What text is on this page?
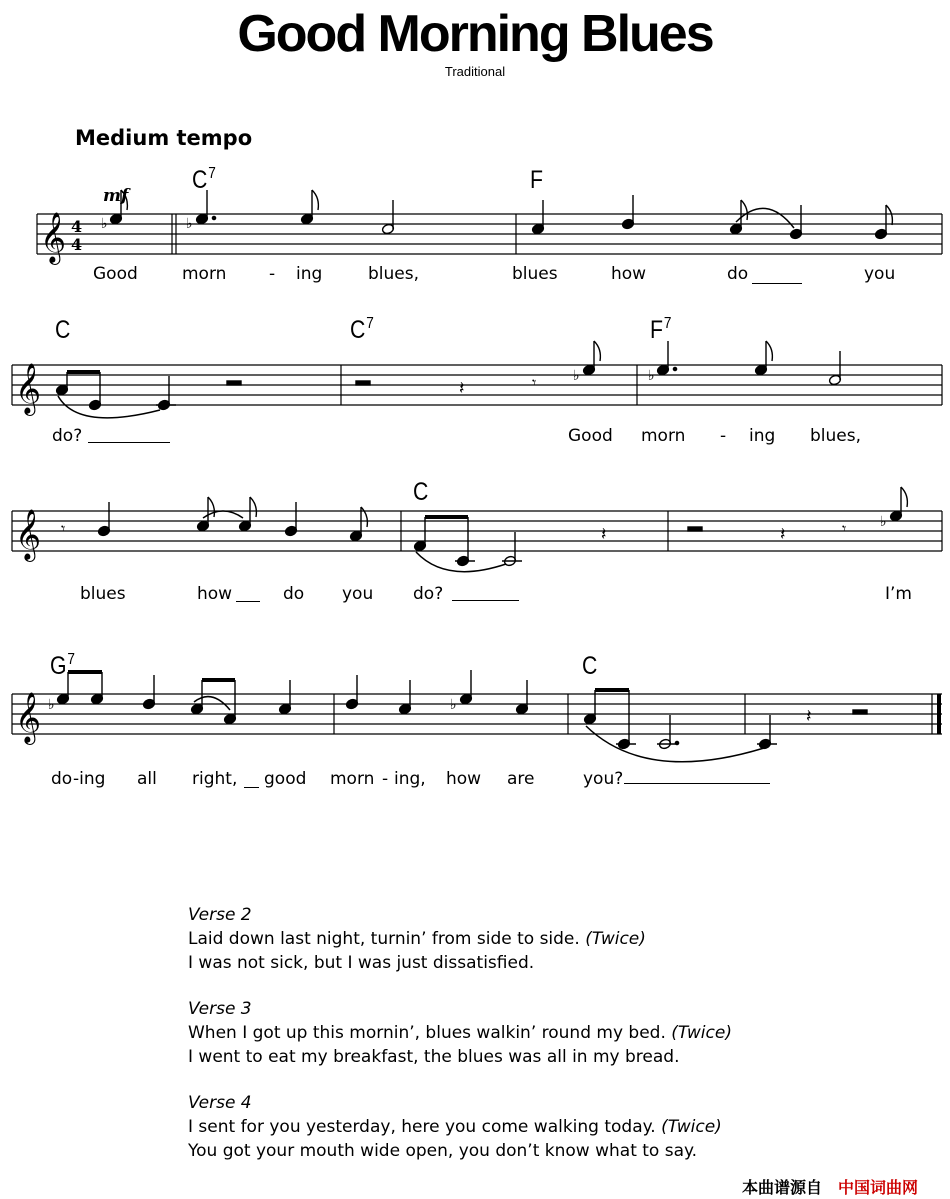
Good Morning Blues
Traditional
Medium tempo
mf
$C^7$	F
C	$C^7$	$F^7$
C
$G^7$	C
𝄞 4
4
♭	♭
Good	morn	- ing	blues,	blues	how	do	you
𝄞	𝄽	𝄾	♭	♭
do?	Good morn - ing blues,
𝄞 𝄾	𝄽	𝄽	𝄾 ♭
blues	how	do you do?	I’m
𝄞 ♭	♭
𝄽
do -ing all right, good morn - ing, how are	you?
Verse 2
Laid down last night, turnin’ from side to side. (Twice)
I was not sick, but I was just dissatisfied.
Verse 3
When I got up this mornin’, blues walkin’ round my bed. (Twice)
I went to eat my breakfast, the blues was all in my bread.
Verse 4
I sent for you yesterday, here you come walking today. (Twice)
You got your mouth wide open, you don’t know what to say.
本曲谱源自 中国词曲网
